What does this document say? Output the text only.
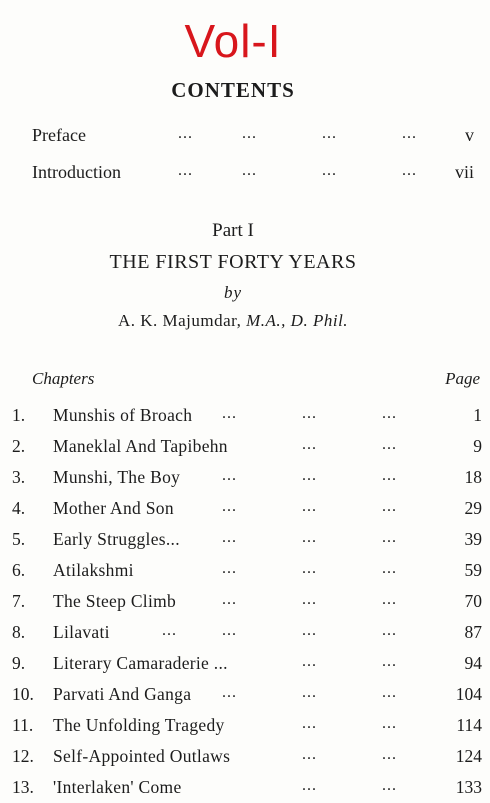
Vol-I
CONTENTS
Preface	...	...	...	...	v
Introduction	...	...	...	... vii
Part I
THE FIRST FORTY YEARS
by
A. K. Majumdar, M.A., D. Phil.
Chapters	Page
1.	Munshis of Broach ...	...	...	1
2.	Maneklal And Tapibehn	...	...	9
3.	Munshi, The Boy	...	...	...	18
4.	Mother And Son	...	...	...	29
5.	Early Struggles...	...	...	...	39
6.	Atilakshmi	...	...	...	59
7.	The Steep Climb	...	...	...	70
8.	Lilavati	...	...	...	...	87
9.	Literary Camaraderie ...	...	...	94
10.	Parvati And Ganga ...	...	...	104
11.	The Unfolding Tragedy	...	...	114
12.	Self-Appointed Outlaws	...	...	124
13.	'Interlaken' Come	...	...	133
